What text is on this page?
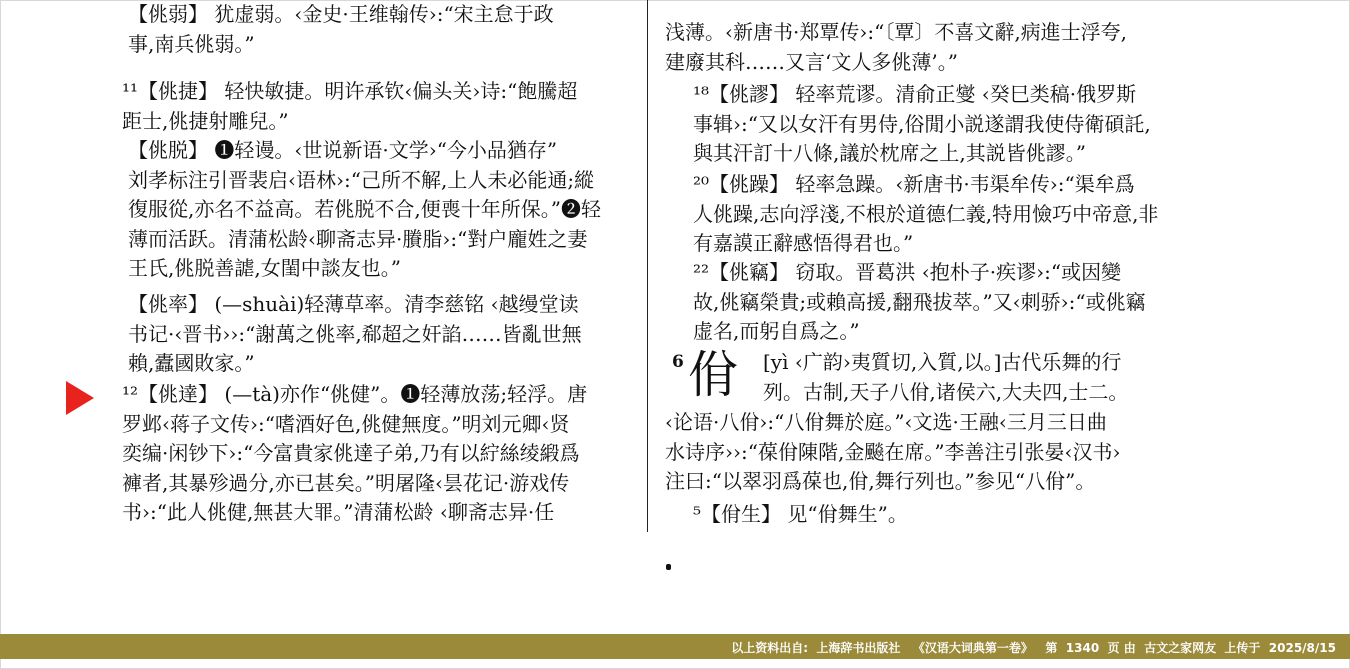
【佻弱】 犹虚弱。‹金史·王维翰传›:“宋主怠于政
事,南兵佻弱。”
¹¹【佻捷】 轻快敏捷。明许承钦‹偏头关›诗:“飽騰超
距士,佻捷射雕兒。”
【佻脱】 ❶轻谩。‹世说新语·文学›“今小品猶存”
刘孝标注引晋裴启‹语林›:“己所不解,上人未必能通;縱
復服從,亦名不益高。若佻脱不合,便喪十年所保。”❷轻
薄而活跃。清蒲松龄‹聊斋志异·賸脂›:“對户龐姓之妻
王氏,佻脱善謔,女閨中談友也。”
【佻率】 (—shuài)轻薄草率。清李慈铭 ‹越缦堂读
书记·‹晋书››:“謝萬之佻率,郗超之奸諂……皆亂世無
賴,蠹國敗家。”
¹²【佻達】 (—tà)亦作“佻健”。❶轻薄放荡;轻浮。唐
罗邺‹蒋子文传›:“嗜酒好色,佻健無度。”明刘元卿‹贤
奕编·闲钞下›:“今富貴家佻達子弟,乃有以紵絲绫緞爲
褲者,其暴殄過分,亦已甚矣。”明屠隆‹昙花记·游戏传
书›:“此人佻健,無甚大罪。”清蒲松龄 ‹聊斋志异·任
浅薄。‹新唐书·郑覃传›:“〔覃〕不喜文辭,病進士浮夸,
建廢其科……又言‘文人多佻薄’。”
¹⁸【佻謬】 轻率荒谬。清俞正燮 ‹癸巳类稿·俄罗斯
事辑›:“又以女汗有男侍,俗閒小説遂謂我使侍衛碩託,
與其汗訂十八條,議於枕席之上,其説皆佻謬。”
²⁰【佻躁】 轻率急躁。‹新唐书·韦渠牟传›:“渠牟爲
人佻躁,志向浮淺,不根於道德仁義,特用憸巧中帝意,非
有嘉謨正辭感悟得君也。”
²²【佻竊】 窃取。晋葛洪 ‹抱朴子·疾谬›:“或因變
故,佻竊榮貴;或賴高援,翻飛拔萃。”又‹刺骄›:“或佻竊
虚名,而躬自爲之。”
[yì ‹广韵›夷質切,入質,以。]古代乐舞的行
列。古制,天子八佾,诸侯六,大夫四,士二。
‹论语·八佾›:“八佾舞於庭。”‹文选·王融‹三月三日曲
水诗序››:“葆佾陳階,金飈在席。”李善注引张晏‹汉书›
注曰:“以翠羽爲葆也,佾,舞行列也。”参见“八佾”。
⁵【佾生】 见“佾舞生”。
6 佾
以上资料出自:  上海辞书出版社   《汉语大词典第一卷》   第  1340  页 由  古文之家网友  上传于  2025/8/15
